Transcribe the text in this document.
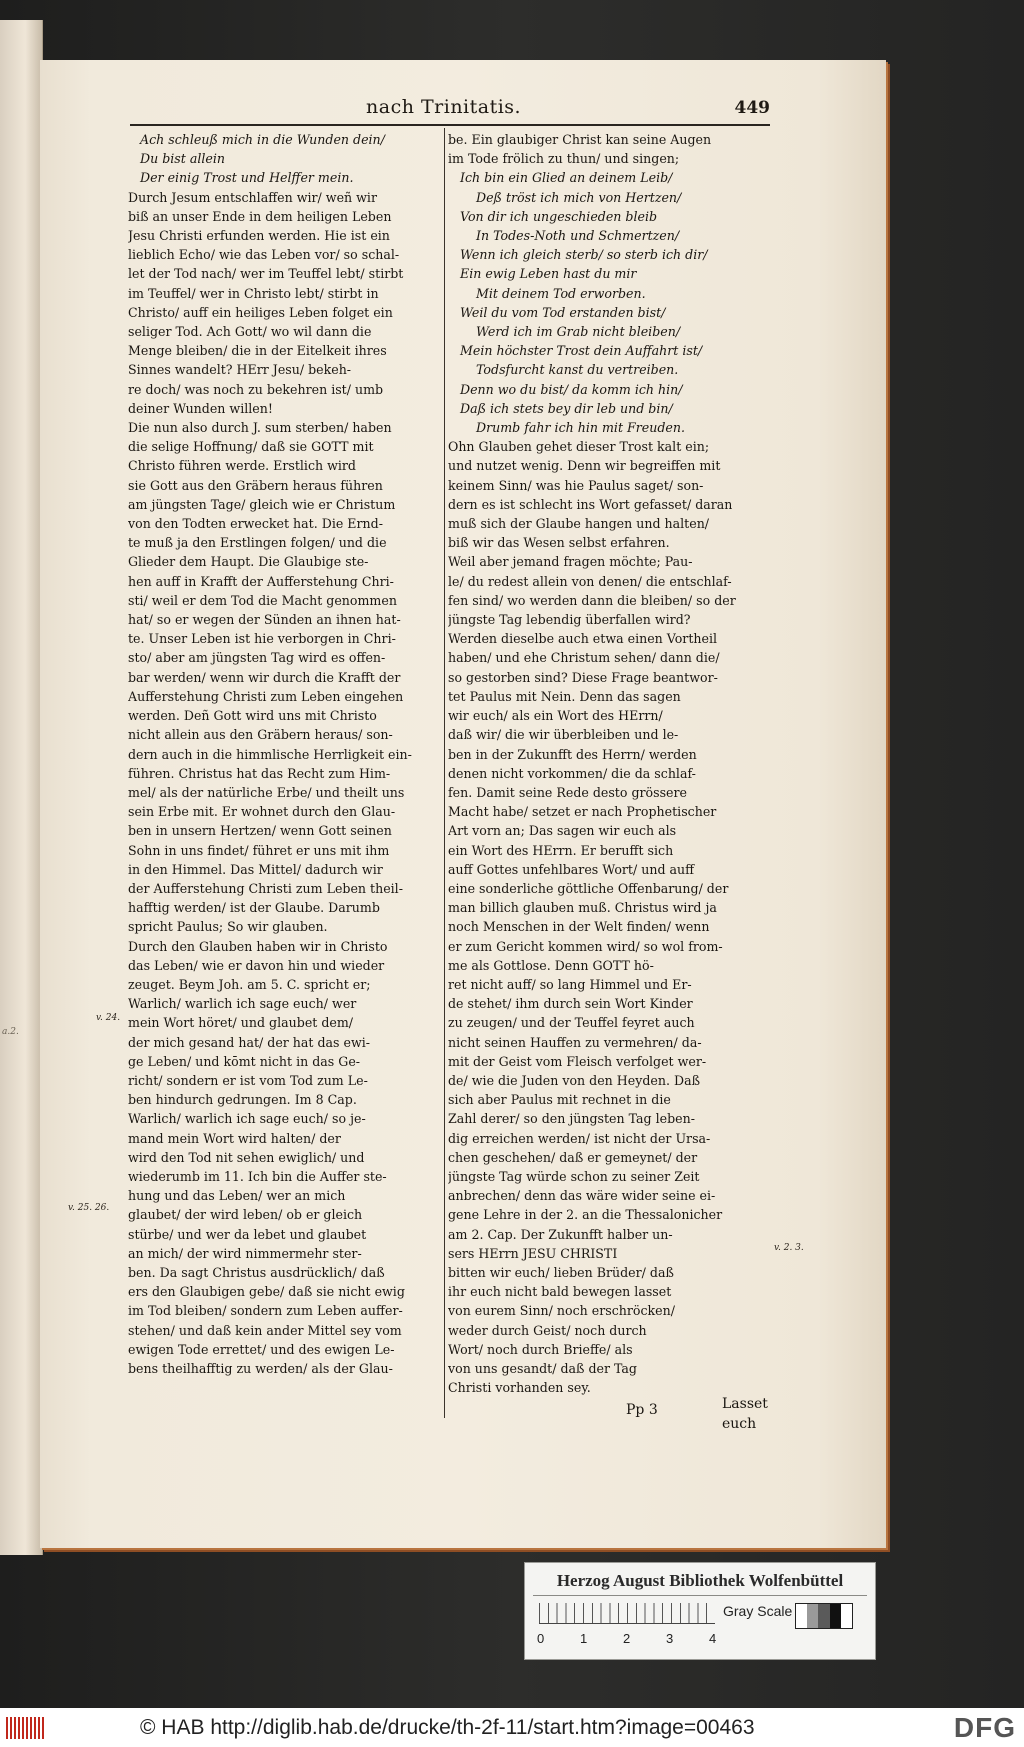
nach Trinitatis.	449
Ach schleuß mich in die Wunden dein/
Du bist allein
Der einig Trost und Helffer mein.
Durch Jesum entschlaffen wir/ weñ wir
biß an unser Ende in dem heiligen Leben
Jesu Christi erfunden werden. Hie ist ein
lieblich Echo/ wie das Leben vor/ so schal-
let der Tod nach/ wer im Teuffel lebt/ stirbt
im Teuffel/ wer in Christo lebt/ stirbt in
Christo/ auff ein heiliges Leben folget ein
seliger Tod. Ach Gott/ wo wil dann die
Menge bleiben/ die in der Eitelkeit ihres
Sinnes wandelt? HErr Jesu/ bekeh-
re doch/ was noch zu bekehren ist/ umb
deiner Wunden willen!
Die nun also durch J. sum sterben/ haben
die selige Hoffnung/ daß sie GOTT mit
Christo führen werde. Erstlich wird
sie Gott aus den Gräbern heraus führen
am jüngsten Tage/ gleich wie er Christum
von den Todten erwecket hat. Die Ernd-
te muß ja den Erstlingen folgen/ und die
Glieder dem Haupt. Die Glaubige ste-
hen auff in Krafft der Aufferstehung Chri-
sti/ weil er dem Tod die Macht genommen
hat/ so er wegen der Sünden an ihnen hat-
te. Unser Leben ist hie verborgen in Chri-
sto/ aber am jüngsten Tag wird es offen-
bar werden/ wenn wir durch die Krafft der
Aufferstehung Christi zum Leben eingehen
werden. Deñ Gott wird uns mit Christo
nicht allein aus den Gräbern heraus/ son-
dern auch in die himmlische Herrligkeit ein-
führen. Christus hat das Recht zum Him-
mel/ als der natürliche Erbe/ und theilt uns
sein Erbe mit. Er wohnet durch den Glau-
ben in unsern Hertzen/ wenn Gott seinen
Sohn in uns findet/ führet er uns mit ihm
in den Himmel. Das Mittel/ dadurch wir
der Aufferstehung Christi zum Leben theil-
hafftig werden/ ist der Glaube. Darumb
spricht Paulus; So wir glauben.
Durch den Glauben haben wir in Christo
das Leben/ wie er davon hin und wieder
zeuget. Beym Joh. am 5. C. spricht er;
Warlich/ warlich ich sage euch/ wer
mein Wort höret/ und glaubet dem/
der mich gesand hat/ der hat das ewi-
ge Leben/ und kōmt nicht in das Ge-
richt/ sondern er ist vom Tod zum Le-
ben hindurch gedrungen. Im 8 Cap.
Warlich/ warlich ich sage euch/ so je-
mand mein Wort wird halten/ der
wird den Tod nit sehen ewiglich/ und
wiederumb im 11. Ich bin die Auffer ste-
hung und das Leben/ wer an mich
glaubet/ der wird leben/ ob er gleich
stürbe/ und wer da lebet und glaubet
an mich/ der wird nimmermehr ster-
ben. Da sagt Christus ausdrücklich/ daß
ers den Glaubigen gebe/ daß sie nicht ewig
im Tod bleiben/ sondern zum Leben auffer-
stehen/ und daß kein ander Mittel sey vom
ewigen Tode errettet/ und des ewigen Le-
bens theilhafftig zu werden/ als der Glau-
be. Ein glaubiger Christ kan seine Augen
im Tode frölich zu thun/ und singen;
Ich bin ein Glied an deinem Leib/
Deß tröst ich mich von Hertzen/
Von dir ich ungeschieden bleib
In Todes-Noth und Schmertzen/
Wenn ich gleich sterb/ so sterb ich dir/
Ein ewig Leben hast du mir
Mit deinem Tod erworben.
Weil du vom Tod erstanden bist/
Werd ich im Grab nicht bleiben/
Mein höchster Trost dein Auffahrt ist/
Todsfurcht kanst du vertreiben.
Denn wo du bist/ da komm ich hin/
Daß ich stets bey dir leb und bin/
Drumb fahr ich hin mit Freuden.
Ohn Glauben gehet dieser Trost kalt ein;
und nutzet wenig. Denn wir begreiffen mit
keinem Sinn/ was hie Paulus saget/ son-
dern es ist schlecht ins Wort gefasset/ daran
muß sich der Glaube hangen und halten/
biß wir das Wesen selbst erfahren.
Weil aber jemand fragen möchte; Pau-
le/ du redest allein von denen/ die entschlaf-
fen sind/ wo werden dann die bleiben/ so der
jüngste Tag lebendig überfallen wird?
Werden dieselbe auch etwa einen Vortheil
haben/ und ehe Christum sehen/ dann die/
so gestorben sind? Diese Frage beantwor-
tet Paulus mit Nein. Denn das sagen
wir euch/ als ein Wort des HErrn/
daß wir/ die wir überbleiben und le-
ben in der Zukunfft des Herrn/ werden
denen nicht vorkommen/ die da schlaf-
fen. Damit seine Rede desto grössere
Macht habe/ setzet er nach Prophetischer
Art vorn an; Das sagen wir euch als
ein Wort des HErrn. Er berufft sich
auff Gottes unfehlbares Wort/ und auff
eine sonderliche göttliche Offenbarung/ der
man billich glauben muß. Christus wird ja
noch Menschen in der Welt finden/ wenn
er zum Gericht kommen wird/ so wol from-
me als Gottlose. Denn GOTT hö-
ret nicht auff/ so lang Himmel und Er-
de stehet/ ihm durch sein Wort Kinder
zu zeugen/ und der Teuffel feyret auch
nicht seinen Hauffen zu vermehren/ da-
mit der Geist vom Fleisch verfolget wer-
de/ wie die Juden von den Heyden. Daß
sich aber Paulus mit rechnet in die
Zahl derer/ so den jüngsten Tag leben-
dig erreichen werden/ ist nicht der Ursa-
chen geschehen/ daß er gemeynet/ der
jüngste Tag würde schon zu seiner Zeit
anbrechen/ denn das wäre wider seine ei-
gene Lehre in der 2. an die Thessalonicher
am 2. Cap. Der Zukunfft halber un-
sers HErrn JESU CHRISTI
bitten wir euch/ lieben Brüder/ daß
ihr euch nicht bald bewegen lasset
von eurem Sinn/ noch erschröcken/
weder durch Geist/ noch durch
Wort/ noch durch Brieffe/ als
von uns gesandt/ daß der Tag
Christi vorhanden sey.
v. 24.
v. 25. 26.
v. 2. 3.
a.2.
Pp 3	Lasset
euch
Herzog August Bibliothek Wolfenbüttel
0	1	2	3	4
Gray Scale
© HAB http://diglib.hab.de/drucke/th-2f-11/start.htm?image=00463	DFG
